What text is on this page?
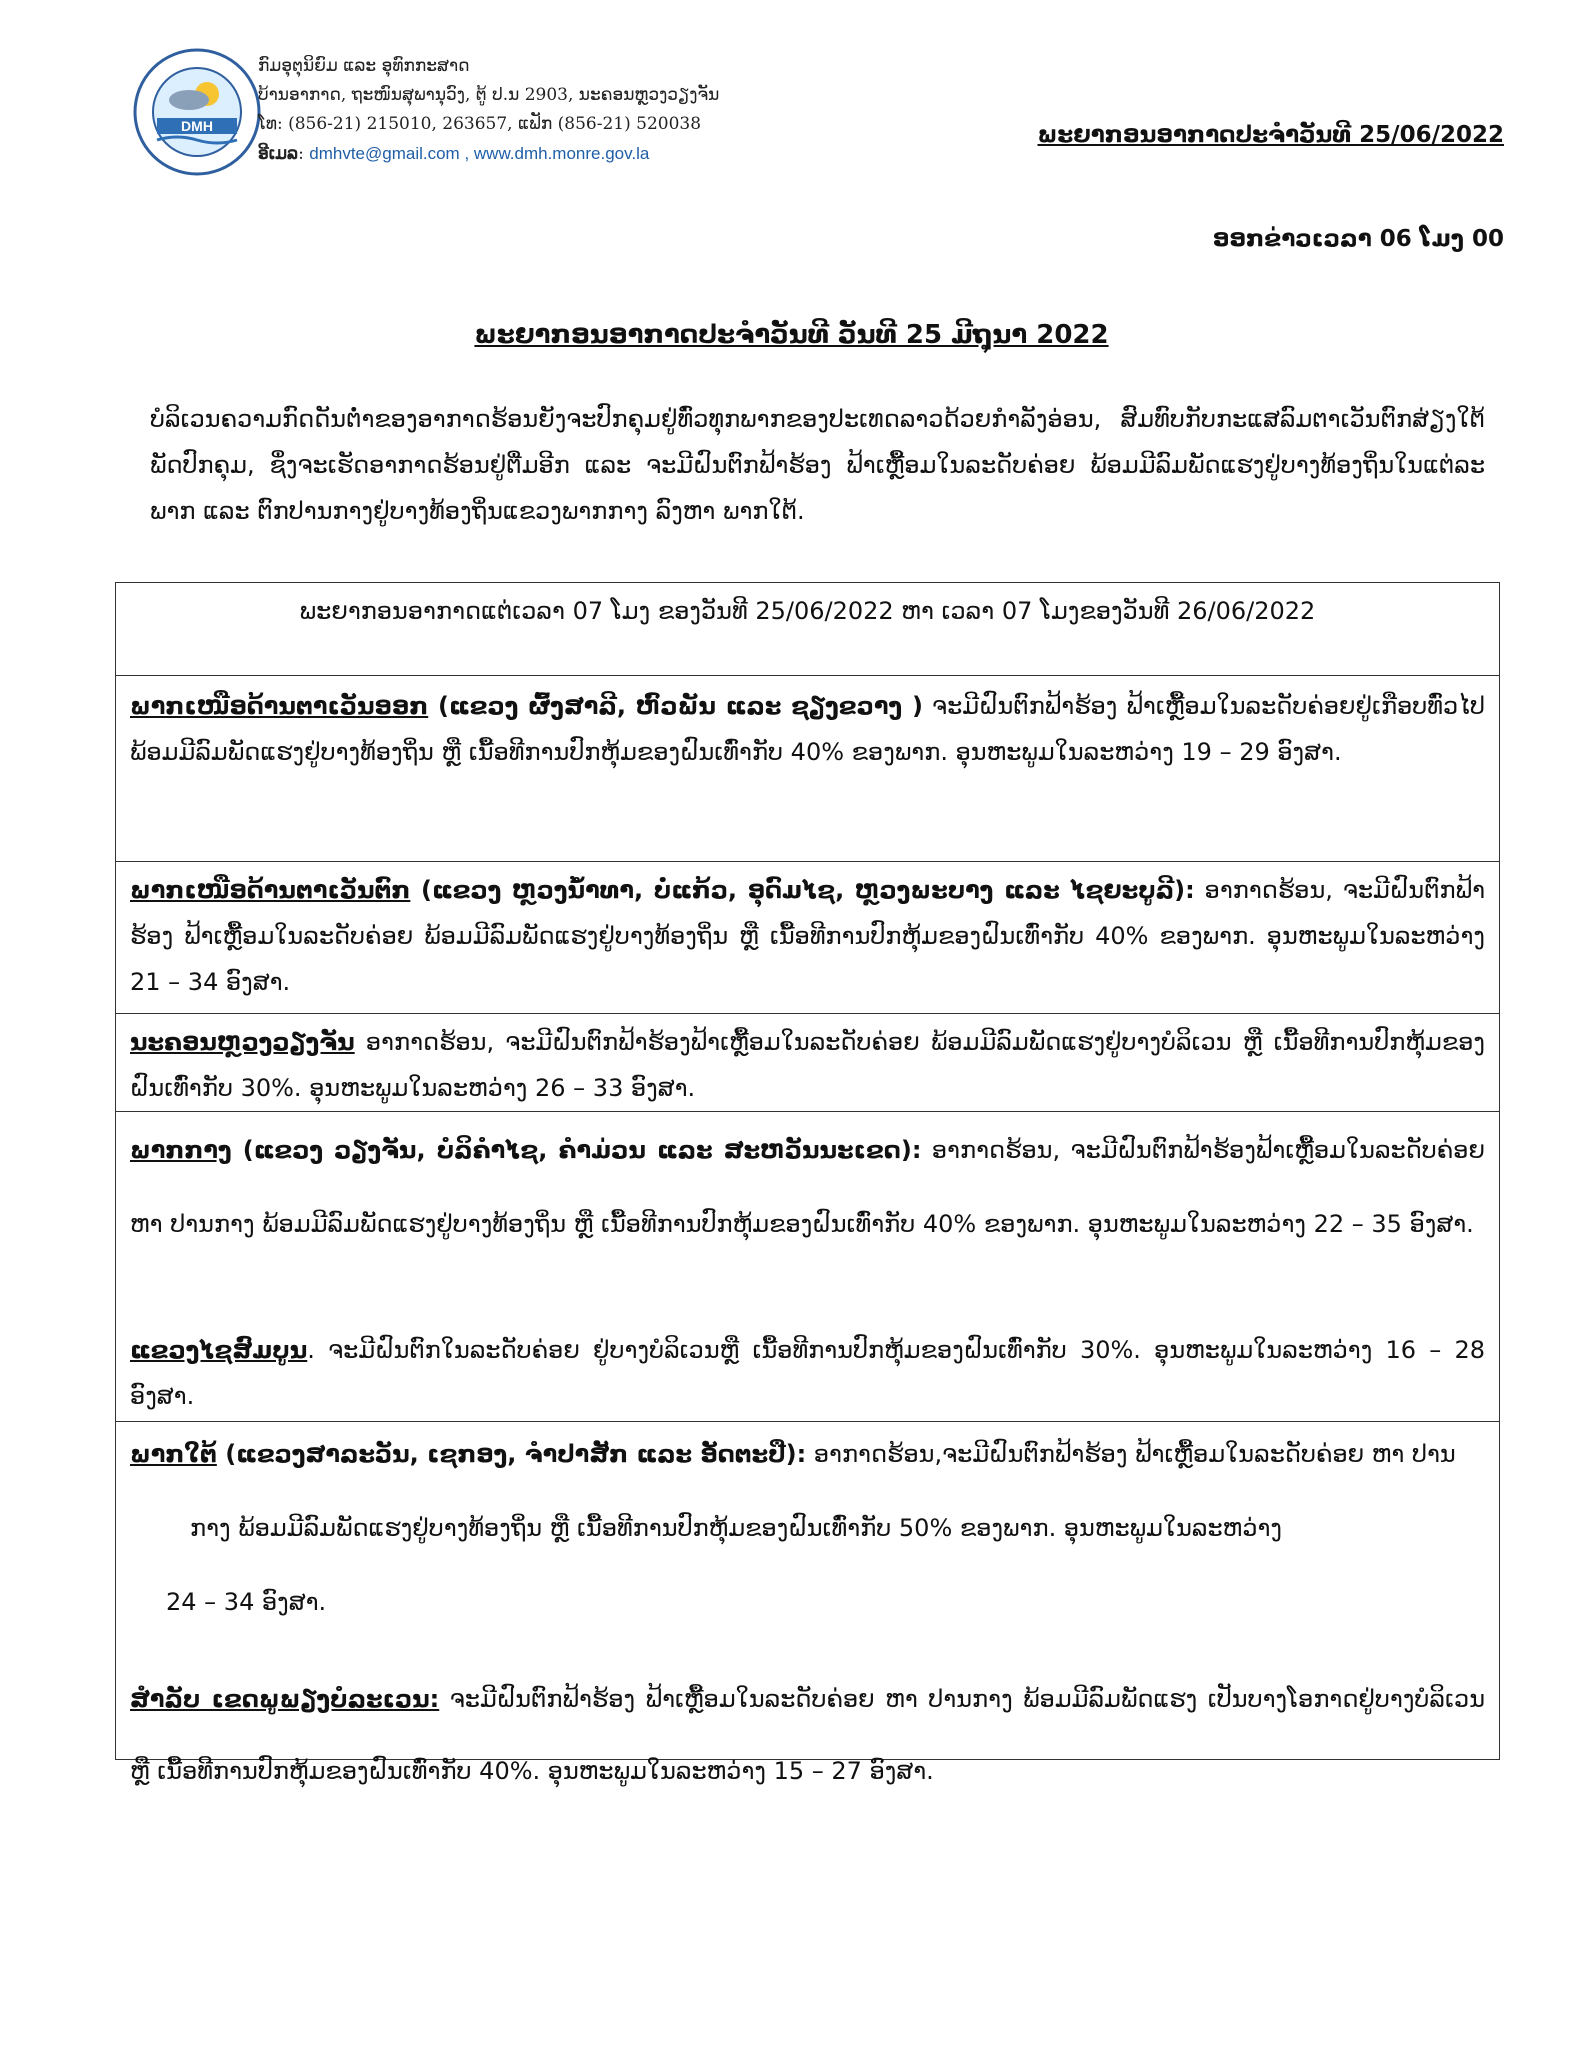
DMH
ກົມອຸຕຸນິຍົມ ແລະ ອຸທົກກະສາດ
ບ້ານອາກາດ, ຖະໜົນສຸພານຸວົງ, ຕູ້ ປ.ນ 2903, ນະຄອນຫຼວງວຽງຈັນ
ໂທ: (856-21) 215010, 263657, ແຟັກ (856-21) 520038
ອີເມລ: dmhvte@gmail.com , www.dmh.monre.gov.la
ພະຍາກອນອາກາດປະຈຳວັນທີ 25/06/2022
ອອກຂ່າວເວລາ 06 ໂມງ 00
ພະຍາກອນອາກາດປະຈຳວັນທີ ວັນທີ 25 ມີຖຸນາ 2022
ບໍລິເວນຄວາມກົດດັນຕ່ຳຂອງອາກາດຮ້ອນຍັງຈະປົກຄຸມຢູ່ທົ່ວທຸກພາກຂອງປະເທດລາວດ້ວຍກຳລັງອ່ອນ, ສົມທົບກັບກະແສລົມຕາເວັນຕົກສ່ຽງໃຕ້ພັດປົກຄຸມ, ຊຶ່ງຈະເຮັດອາກາດຮ້ອນຢູ່ຕື່ມອີກ ແລະ ຈະມີຝົນຕົກຟ້າຮ້ອງ ຟ້າເຫຼື້ອມໃນລະດັບຄ່ອຍ ພ້ອມມີລົມພັດແຮງຢູ່ບາງທ້ອງຖິ່ນໃນແຕ່ລະພາກ ແລະ ຕົກປານກາງຢູ່ບາງທ້ອງຖິ່ນແຂວງພາກກາງ ລົງຫາ ພາກໃຕ້.
ພະຍາກອນອາກາດແຕ່ເວລາ 07 ໂມງ ຂອງວັນທີ 25/06/2022 ຫາ ເວລາ 07 ໂມງຂອງວັນທີ 26/06/2022
ພາກເໜືອດ້ານຕາເວັນອອກ (ແຂວງ ຜົ້ງສາລີ, ຫົວພັນ ແລະ ຊຽງຂວາງ ) ຈະມີຝົນຕົກຟ້າຮ້ອງ ຟ້າເຫຼື້ອມໃນລະດັບຄ່ອຍຢູ່ເກືອບທົ່ວໄປ ພ້ອມມີລົມພັດແຮງຢູ່ບາງທ້ອງຖິ່ນ ຫຼື ເນື້ອທີການປົກຫຸ້ມຂອງຝົນເທົ່າກັບ 40% ຂອງພາກ. ອຸນຫະພູມໃນລະຫວ່າງ 19 – 29 ອົງສາ.
ພາກເໜືອດ້ານຕາເວັນຕົກ (ແຂວງ ຫຼວງນ້ຳທາ, ບໍ່ແກ້ວ, ອຸດົມໄຊ, ຫຼວງພະບາງ ແລະ ໄຊຍະບູລີ): ອາກາດຮ້ອນ, ຈະມີຝົນຕົກຟ້າຮ້ອງ ຟ້າເຫຼື້ອມໃນລະດັບຄ່ອຍ ພ້ອມມີລົມພັດແຮງຢູ່ບາງທ້ອງຖິ່ນ ຫຼື ເນື້ອທີການປົກຫຸ້ມຂອງຝົນເທົ່າກັບ 40% ຂອງພາກ. ອຸນຫະພູມໃນລະຫວ່າງ 21 – 34 ອົງສາ.
ນະຄອນຫຼວງວຽງຈັນ ອາກາດຮ້ອນ, ຈະມີຝົນຕົກຟ້າຮ້ອງຟ້າເຫຼື້ອມໃນລະດັບຄ່ອຍ ພ້ອມມີລົມພັດແຮງຢູ່ບາງບໍລິເວນ ຫຼື ເນື້ອທີການປົກຫຸ້ມຂອງຝົນເທົ່າກັບ 30%. ອຸນຫະພູມໃນລະຫວ່າງ 26 – 33 ອົງສາ.
ພາກກາງ (ແຂວງ ວຽງຈັນ, ບໍລິຄຳໄຊ, ຄຳມ່ວນ ແລະ ສະຫວັນນະເຂດ): ອາກາດຮ້ອນ, ຈະມີຝົນຕົກຟ້າຮ້ອງຟ້າເຫຼື້ອມໃນລະດັບຄ່ອຍ ຫາ ປານກາງ ພ້ອມມີລົມພັດແຮງຢູ່ບາງທ້ອງຖິ່ນ ຫຼື ເນື້ອທີການປົກຫຸ້ມຂອງຝົນເທົ່າກັບ 40% ຂອງພາກ. ອຸນຫະພູມໃນລະຫວ່າງ 22 – 35 ອົງສາ.
ແຂວງໄຊສົມບູນ. ຈະມີຝົນຕົກໃນລະດັບຄ່ອຍ ຢູ່ບາງບໍລິເວນຫຼື ເນື້ອທີການປົກຫຸ້ມຂອງຝົນເທົ່າກັບ 30%. ອຸນຫະພູມໃນລະຫວ່າງ 16 – 28 ອົງສາ.
ພາກໃຕ້ (ແຂວງສາລະວັນ, ເຊກອງ, ຈຳປາສັກ ແລະ ອັດຕະປື): ອາກາດຮ້ອນ,ຈະມີຝົນຕົກຟ້າຮ້ອງ ຟ້າເຫຼື້ອມໃນລະດັບຄ່ອຍ ຫາ ປານ
ກາງ ພ້ອມມີລົມພັດແຮງຢູ່ບາງທ້ອງຖິ່ນ ຫຼື ເນື້ອທີການປົກຫຸ້ມຂອງຝົນເທົ່າກັບ 50% ຂອງພາກ. ອຸນຫະພູມໃນລະຫວ່າງ
24 – 34 ອົງສາ.
ສຳລັບ ເຂດພູພຽງບໍລະເວນ: ຈະມີຝົນຕົກຟ້າຮ້ອງ ຟ້າເຫຼື້ອມໃນລະດັບຄ່ອຍ ຫາ ປານກາງ ພ້ອມມີລົມພັດແຮງ ເປັນບາງໂອກາດຢູ່ບາງບໍລິເວນ ຫຼື ເນື້ອທີການປົກຫຸ້ມຂອງຝົນເທົ່າກັບ 40%. ອຸນຫະພູມໃນລະຫວ່າງ 15 – 27 ອົງສາ.
